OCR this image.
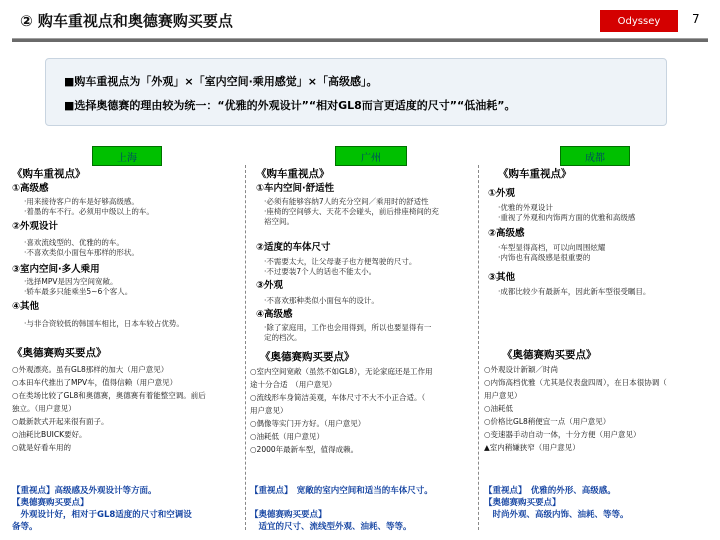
② 购车重视点和奥德赛购买要点	Odyssey	7
■购车重视点为「外观」×「室内空间·乘用感觉」×「高级感」。
■选择奥德赛的理由较为统一：“优雅的外观设计”“相对GL8而言更适度的尺寸”“低油耗”。
上海	广州	成都
《购车重视点》
①高级感
·用来接待客户的车是好够高级感。
·着墨的车不行。必须用中级以上的车。
②外观设计
·喜欢流线型的、优雅的的车。
·不喜欢类似小面包车那样的形状。
③室内空间·多人乘用
·选择MPV是因为空间宽敞。
·轿车最多只能乘坐5~6个客人。
④其他
·与非合资较低的韩国车相比，日本车较占优势。
《奥德赛购买要点》
○外观漂亮。虽有GL8那样的加大（用户意见）
○本田车代推出了MPV车，值得信赖（用户意见）
○在类场比较了GL8和奥德赛，奥德赛有着能整空调。前后
独立。（用户意见）
○最新款式开起来很有面子。
○油耗比BUICK要好。
○就是好看车用的
【重视点】高级感及外观设计等方面。
【奥德赛购买要点】
　外观设计好，相对于GL8适度的尺寸和空调设
备等。
《购车重视点》
①车内空间·舒适性
·必须有能够容纳7人的充分空间／乘用时的舒适性
·座椅的空间够大、天花不会碰头，前后排座椅间的充
裕空间。
②适度的车体尺寸
·不需要太大，让父母妻子也方便驾驶的尺寸。
·不过要装7个人的话也不能太小。
③外观
·不喜欢那种类似小面包车的设计。
④高级感
·除了家庭用，工作也会用得到，所以也要显得有一
定的档次。
《奥德赛购买要点》
○室内空间宽敞（虽然不如GL8），无论家庭还是工作用
途十分合适　（用户意见）
○流线形车身简洁美观，车体尺寸不大不小正合适。（
用户意见）
○偶像等实门开方好。（用户意见）
○油耗低（用户意见）
○2000年最新车型，值得成赖。
【重视点】　宽敞的室内空间和适当的车体尺寸。
【奥德赛购买要点】
　适宜的尺寸、流线型外观、油耗、等等。
《购车重视点》
①外观
·优雅的外观设计
·重视了外观和内饰两方面的优雅和高级感
②高级感
·车型显得高档，可以向周围炫耀
·内饰也有高级感是很重要的
③其他
·成都比较少有最新车，因此新车型很受瞩目。
《奥德赛购买要点》
○外观设计新颖／时尚
○内饰高档优雅（尤其是仪表盘四周），在日本很协调（
用户意见）
○油耗低
○价格比GL8稍便宜一点（用户意见）
○变速器手动自动一体，十分方便（用户意见）
▲室内稍嫌狭窄（用户意见）
【重视点】　优雅的外形、高级感。
【奥德赛购买要点】
　时尚外观、高级内饰、油耗、等等。
